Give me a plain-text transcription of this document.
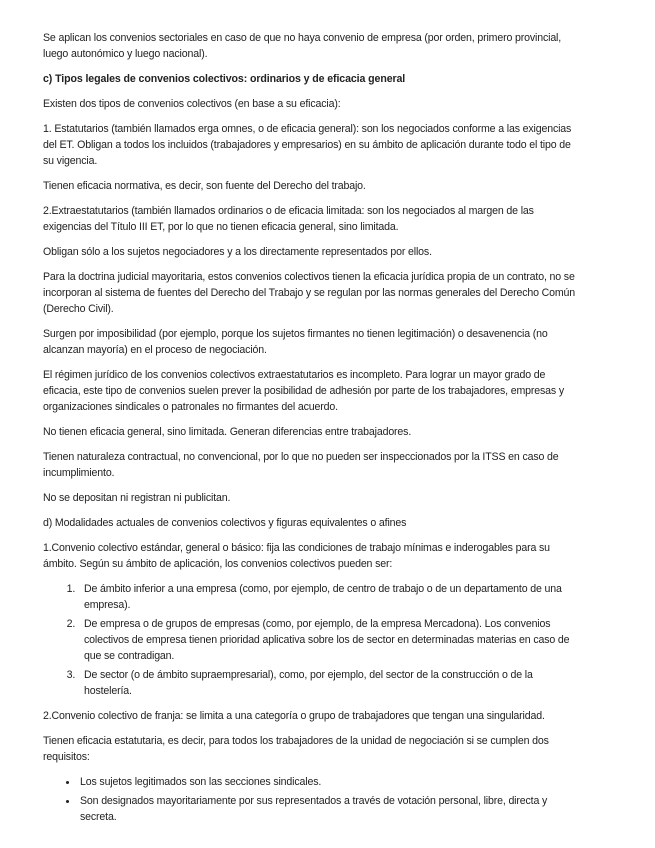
Se aplican los convenios sectoriales en caso de que no haya convenio de empresa (por orden, primero provincial, luego autonómico y luego nacional).

c) Tipos legales de convenios colectivos: ordinarios y de eficacia general

Existen dos tipos de convenios colectivos (en base a su eficacia):

1. Estatutarios (también llamados erga omnes, o de eficacia general): son los negociados conforme a las exigencias del ET. Obligan a todos los incluidos (trabajadores y empresarios) en su ámbito de aplicación durante todo el tipo de su vigencia.

Tienen eficacia normativa, es decir, son fuente del Derecho del trabajo.

2.Extraestatutarios (también llamados ordinarios o de eficacia limitada: son los negociados al margen de las exigencias del Título III ET, por lo que no tienen eficacia general, sino limitada.

Obligan sólo a los sujetos negociadores y a los directamente representados por ellos.

Para la doctrina judicial mayoritaria, estos convenios colectivos tienen la eficacia jurídica propia de un contrato, no se incorporan al sistema de fuentes del Derecho del Trabajo y se regulan por las normas generales del Derecho Común (Derecho Civil).

Surgen por imposibilidad (por ejemplo, porque los sujetos firmantes no tienen legitimación) o desavenencia (no alcanzan mayoría) en el proceso de negociación.

El régimen jurídico de los convenios colectivos extraestatutarios es incompleto. Para lograr un mayor grado de eficacia, este tipo de convenios suelen prever la posibilidad de adhesión por parte de los trabajadores, empresas y organizaciones sindicales o patronales no firmantes del acuerdo.

No tienen eficacia general, sino limitada. Generan diferencias entre trabajadores.

Tienen naturaleza contractual, no convencional, por lo que no pueden ser inspeccionados por la ITSS en caso de incumplimiento.

No se depositan ni registran ni publicitan.

d) Modalidades actuales de convenios colectivos y figuras equivalentes o afines

1.Convenio colectivo estándar, general o básico: fija las condiciones de trabajo mínimas e inderogables para su ámbito. Según su ámbito de aplicación, los convenios colectivos pueden ser:

1. De ámbito inferior a una empresa (como, por ejemplo, de centro de trabajo o de un departamento de una empresa).
2. De empresa o de grupos de empresas (como, por ejemplo, de la empresa Mercadona). Los convenios colectivos de empresa tienen prioridad aplicativa sobre los de sector en determinadas materias en caso de que se contradigan.
3. De sector (o de ámbito supraempresarial), como, por ejemplo, del sector de la construcción o de la hostelería.

2.Convenio colectivo de franja: se limita a una categoría o grupo de trabajadores que tengan una singularidad.

Tienen eficacia estatutaria, es decir, para todos los trabajadores de la unidad de negociación si se cumplen dos requisitos:

• Los sujetos legitimados son las secciones sindicales.
• Son designados mayoritariamente por sus representados a través de votación personal, libre, directa y secreta.
